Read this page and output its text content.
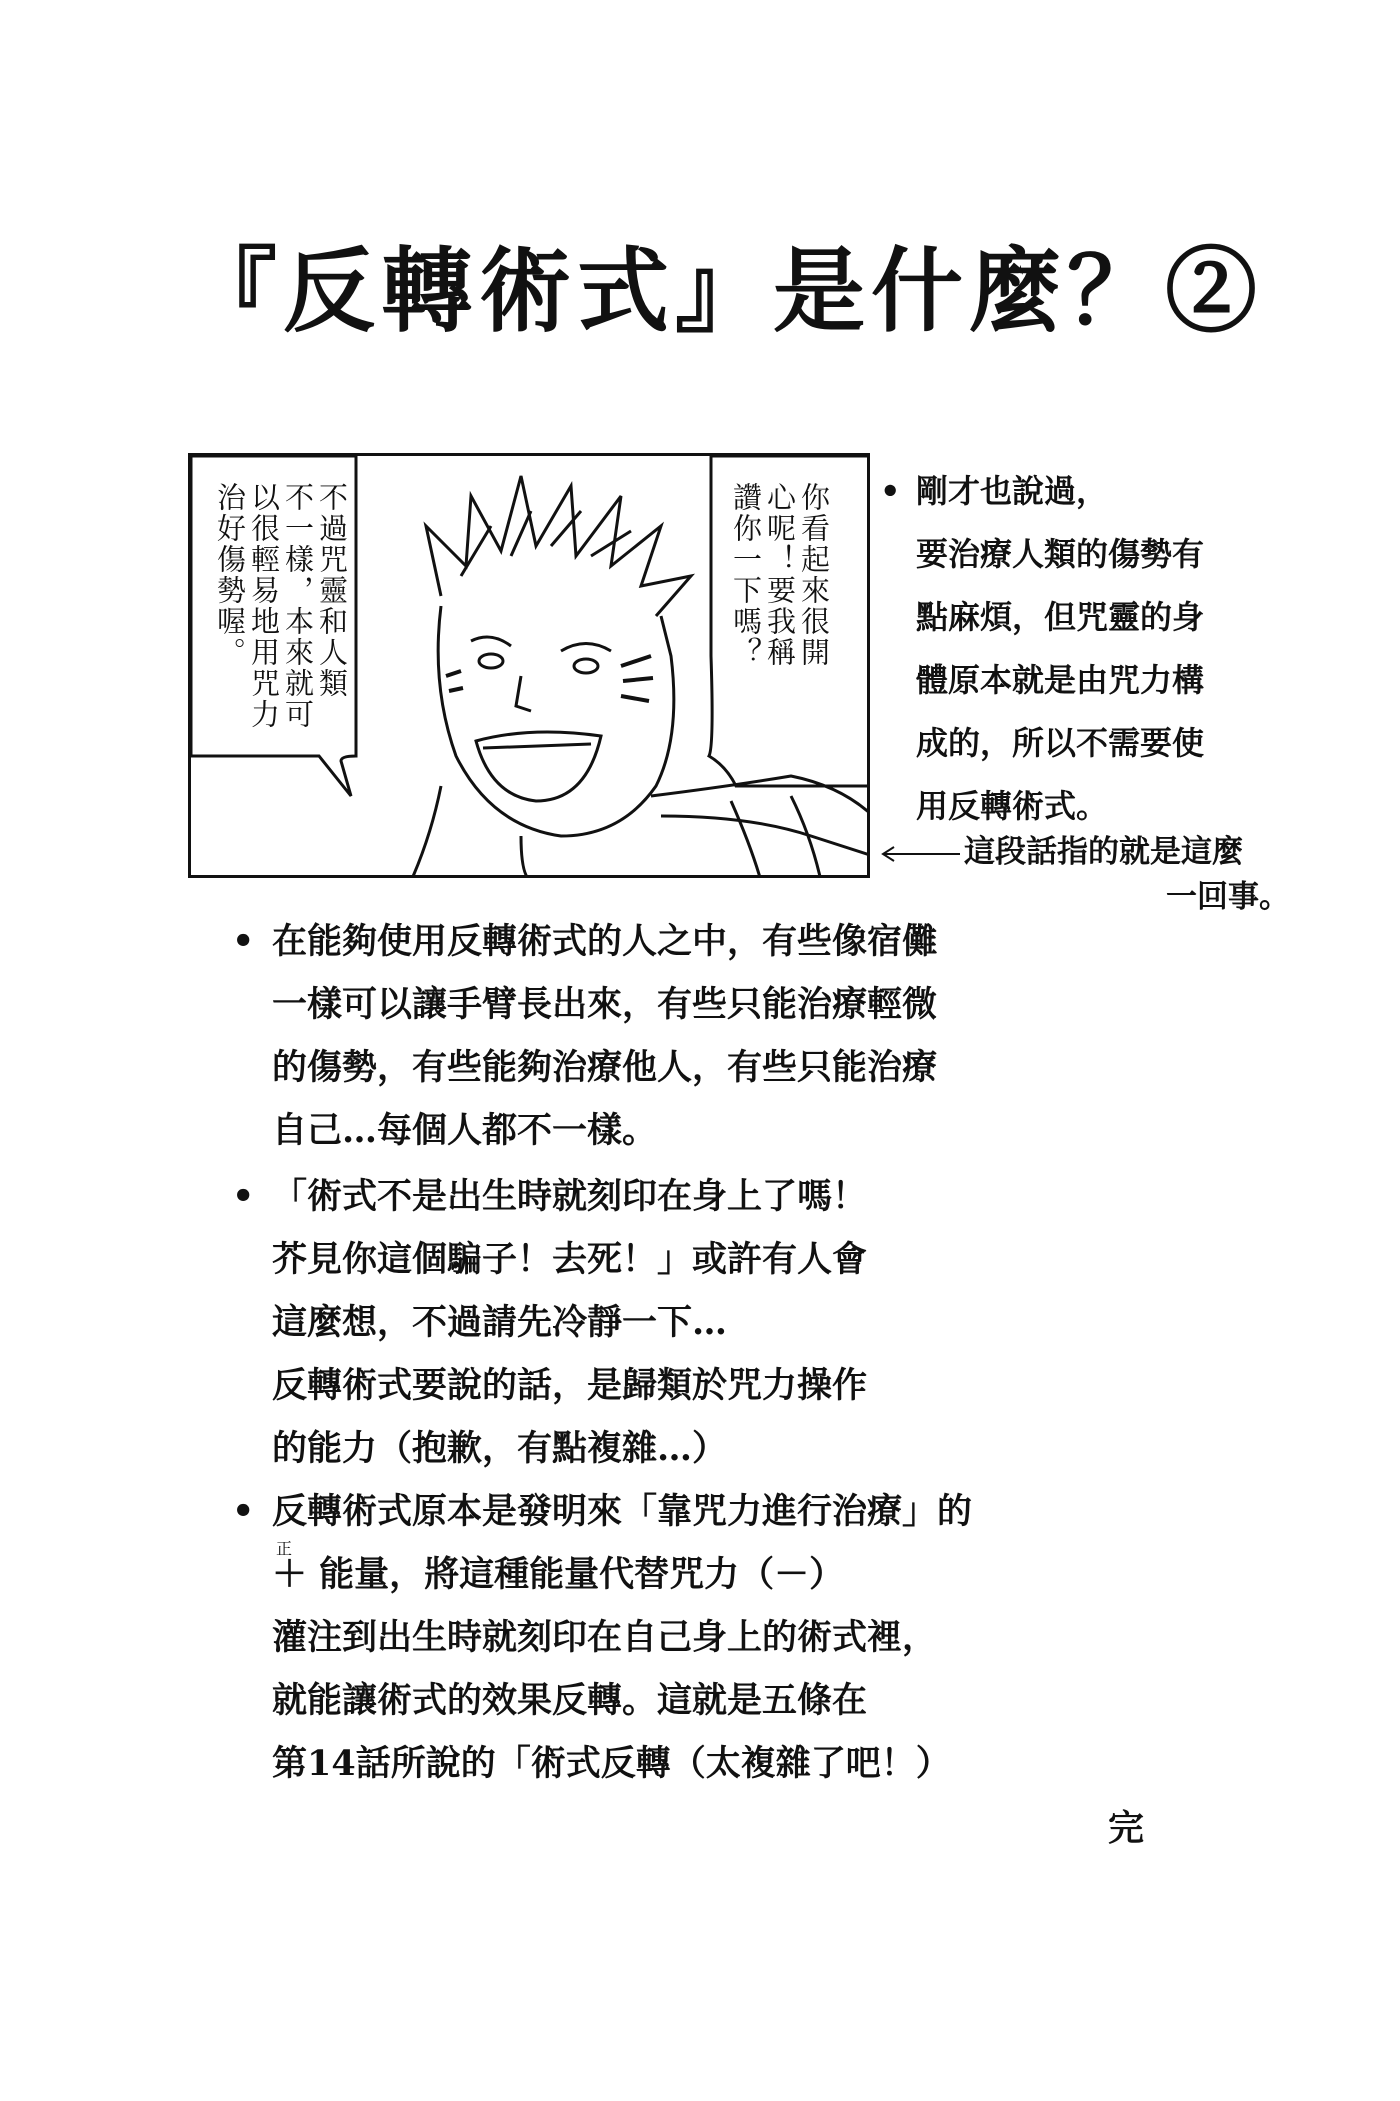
『反轉術式』是什麼？②
不過咒靈和人類
不一樣，本來就可
以很輕易地用咒力
治好傷勢喔。	你看起來很開
心呢！要我稱
讚你一下嗎？	• 剛才也說過，
要治療人類的傷勢有
點麻煩，但咒靈的身
體原本就是由咒力構
成的，所以不需要使
用反轉術式。
這段話指的就是這麼
一回事。
• 在能夠使用反轉術式的人之中，有些像宿儺
一樣可以讓手臂長出來，有些只能治療輕微
的傷勢，有些能夠治療他人，有些只能治療
自己…每個人都不一樣。
• 「術式不是出生時就刻印在身上了嗎！
芥見你這個騙子！去死！」或許有人會
這麼想，不過請先冷靜一下…
反轉術式要說的話，是歸類於咒力操作
的能力（抱歉，有點複雜…）
• 反轉術式原本是發明來「靠咒力進行治療」的
正
＋ 能量，將這種能量代替咒力（－）
灌注到出生時就刻印在自己身上的術式裡，
就能讓術式的效果反轉。這就是五條在
第14話所說的「術式反轉（太複雜了吧！）
完
